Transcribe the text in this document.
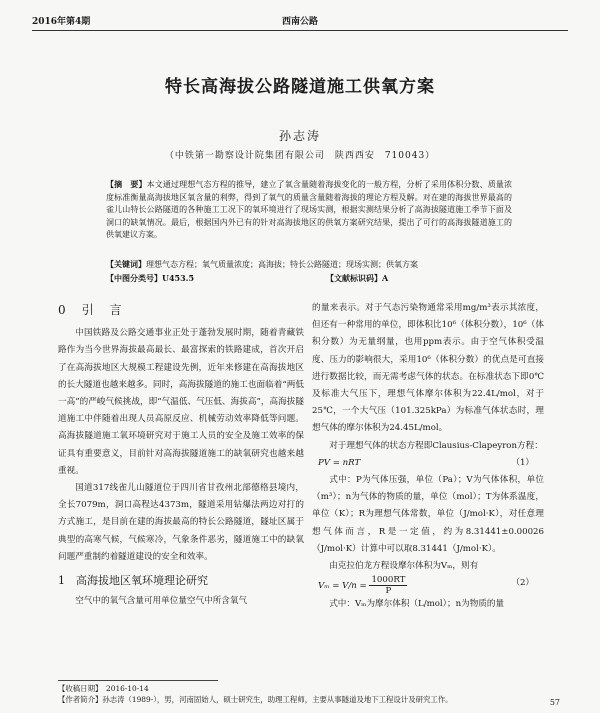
2016年第4期	西南公路
特长高海拔公路隧道施工供氧方案
孙志涛
（中铁第一勘察设计院集团有限公司　陕西西安　710043）
【摘　要】本文通过理想气态方程的推导，建立了氧含量随着海拔变化的一般方程，分析了采用体积分数、质量浓度标准衡量高海拔地区氧含量的利弊，得到了氧气的质量含量随着海拔的理论方程及解。对在建的海拔世界最高的雀儿山特长公路隧道的各种施工工况下的氧环境进行了现场实测，根据实测结果分析了高海拔隧道施工季节下面及洞口的缺氧情况。最后，根据国内外已有的针对高海拔地区的供氧方案研究结果，提出了可行的高海拔隧道施工的供氧建议方案。
【关键词】理想气态方程；氧气质量浓度；高海拔；特长公路隧道；现场实测；供氧方案
【中图分类号】U453.5	【文献标识码】A
0　引　言

中国铁路及公路交通事业正处于蓬勃发展时期，随着青藏铁路作为当今世界海拔最高最长、最富探索的铁路建成，首次开启了在高海拔地区大规模工程建设先例，近年来修建在高海拔地区的长大隧道也越来越多。同时，高海拔隧道的施工也面临着“两低一高”的严峻气候挑战，即“气温低、气压低、海拔高”，高海拔隧道施工中伴随着出现人员高原反应、机械劳动效率降低等问题。高海拔隧道施工氧环境研究对于施工人员的安全及施工效率的保证具有重要意义，目前针对高海拔隧道施工的缺氧研究也越来越重视。

国道317线雀儿山隧道位于四川省甘孜州北部德格县境内，全长7079m，洞口高程达4373m，隧道采用钻爆法两边对打的方式施工，是目前在建的海拔最高的特长公路隧道，隧址区属于典型的高寒气候，气候寒冷，气象条件恶劣，隧道施工中的缺氧问题严重制约着隧道建设的安全和效率。

1　高海拔地区氧环境理论研究

空气中的氧气含量可用单位量空气中所含氧气

的量来表示。对于气态污染物通常采用mg/m³表示其浓度，但还有一种常用的单位，即体积比10⁶（体积分数），10⁶（体积分数）为无量纲量，也用ppm表示。由于空气体积受温度、压力的影响很大，采用10⁶（体积分数）的优点是可直接进行数据比较，而无需考虑气体的状态。在标准状态下即0℃及标准大气压下，理想气体摩尔体积为22.4L/mol，对于25℃，一个大气压（101.325kPa）为标准气体状态时，理想气体的摩尔体积为24.45L/mol。

对于理想气体的状态方程即Clausius-Clapeyron方程：

PV = nRT	（1）

式中：P为气体压强，单位（Pa）；V为气体体积，单位（m³）；n为气体的物质的量，单位（mol）；T为体系温度，单位（K）；R为理想气体常数，单位（J/mol·K），对任意理想气体而言，R是一定值，约为8.31441±0.00026（J/mol·K）计算中可以取8.31441（J/mol·K）。

由克拉伯龙方程设摩尔体积为Vₘ，则有

$V_m = V/n = \frac{1000RT}{P}$	（2）

式中：Vₘ为摩尔体积（L/mol）；n为物质的量

【收稿日期】　2016-10-14
【作者简介】孙志涛（1989-），男，河南固始人，硕士研究生，助理工程师，主要从事隧道及地下工程设计及研究工作。	57
